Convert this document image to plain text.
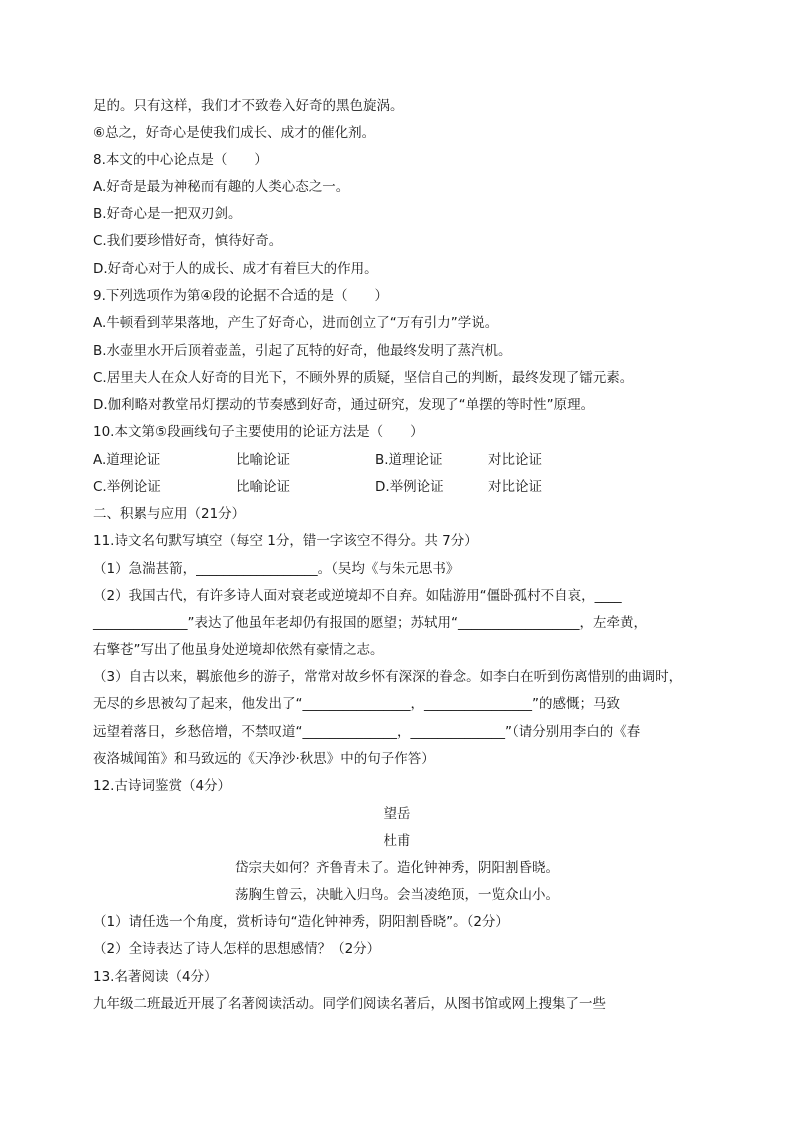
足的。只有这样，我们才不致卷入好奇的黑色旋涡。
⑥总之，好奇心是使我们成长、成才的催化剂。
8.本文的中心论点是（　　）
A.好奇是最为神秘而有趣的人类心态之一。
B.好奇心是一把双刃剑。
C.我们要珍惜好奇，慎待好奇。
D.好奇心对于人的成长、成才有着巨大的作用。
9.下列选项作为第④段的论据不合适的是（　　）
A.牛顿看到苹果落地，产生了好奇心，进而创立了“万有引力”学说。
B.水壶里水开后顶着壶盖，引起了瓦特的好奇，他最终发明了蒸汽机。
C.居里夫人在众人好奇的目光下，不顾外界的质疑，坚信自己的判断，最终发现了镭元素。
D.伽利略对教堂吊灯摆动的节奏感到好奇，通过研究，发现了“单摆的等时性”原理。
10.本文第⑤段画线句子主要使用的论证方法是（　　）
A.道理论证	比喻论证	B.道理论证	对比论证
C.举例论证	比喻论证	D.举例论证	对比论证
二、积累与应用（21分）
11.诗文名句默写填空（每空 1分，错一字该空不得分。共 7分）
（1）急湍甚箭，__________________。（吴均《与朱元思书》
（2）我国古代，有许多诗人面对衰老或逆境却不自弃。如陆游用“僵卧孤村不自哀，____
______________”表达了他虽年老却仍有报国的愿望；苏轼用“__________________，左牵黄，
右擎苍”写出了他虽身处逆境却依然有豪情之志。
（3）自古以来，羁旅他乡的游子，常常对故乡怀有深深的眷念。如李白在听到伤离惜别的曲调时，
无尽的乡思被勾了起来，他发出了“________________，________________”的感慨；马致
远望着落日，乡愁倍增，不禁叹道“______________，______________”（请分别用李白的《春
夜洛城闻笛》和马致远的《天净沙·秋思》中的句子作答）
12.古诗词鉴赏（4分）
望岳
杜甫
岱宗夫如何？齐鲁青未了。造化钟神秀，阴阳割昏晓。
荡胸生曾云，决眦入归鸟。会当凌绝顶，一览众山小。
（1）请任选一个角度，赏析诗句“造化钟神秀，阴阳割昏晓”。（2分）
（2）全诗表达了诗人怎样的思想感情？（2分）
13.名著阅读（4分）
九年级二班最近开展了名著阅读活动。同学们阅读名著后，从图书馆或网上搜集了一些
